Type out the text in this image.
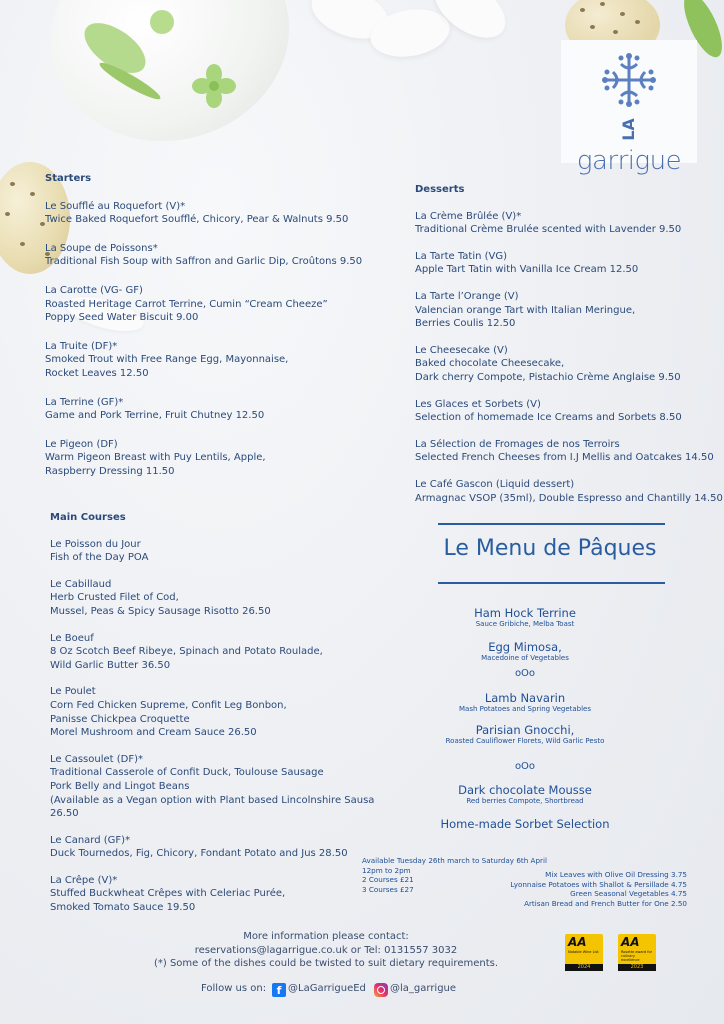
LAgarrigue
Starters
Le Soufflé au Roquefort (V)*
Twice Baked Roquefort Soufflé, Chicory, Pear & Walnuts 9.50
La Soupe de Poissons*
Traditional Fish Soup with Saffron and Garlic Dip, Croûtons 9.50
La Carotte (VG- GF)
Roasted Heritage Carrot Terrine, Cumin “Cream Cheeze”
Poppy Seed Water Biscuit 9.00
La Truite (DF)*
Smoked Trout with Free Range Egg, Mayonnaise,
Rocket Leaves 12.50
La Terrine (GF)*
Game and Pork Terrine, Fruit Chutney 12.50
Le Pigeon (DF)
Warm Pigeon Breast with Puy Lentils, Apple,
Raspberry Dressing 11.50
Desserts
La Crème Brûlée (V)*
Traditional Crème Brulée scented with Lavender 9.50
La Tarte Tatin (VG)
Apple Tart Tatin with Vanilla Ice Cream 12.50
La Tarte l’Orange (V)
Valencian orange Tart with Italian Meringue,
Berries Coulis 12.50
Le Cheesecake (V)
Baked chocolate Cheesecake,
Dark cherry Compote, Pistachio Crème Anglaise 9.50
Les Glaces et Sorbets (V)
Selection of homemade Ice Creams and Sorbets 8.50
La Sélection de Fromages de nos Terroirs
Selected French Cheeses from I.J Mellis and Oatcakes 14.50
Le Café Gascon (Liquid dessert)
Armagnac VSOP (35ml), Double Espresso and Chantilly 14.50
Main Courses
Le Poisson du Jour
Fish of the Day POA
Le Cabillaud
Herb Crusted Filet of Cod,
Mussel, Peas & Spicy Sausage Risotto 26.50
Le Boeuf
8 Oz Scotch Beef Ribeye, Spinach and Potato Roulade,
Wild Garlic Butter 36.50
Le Poulet
Corn Fed Chicken Supreme, Confit Leg Bonbon,
Panisse Chickpea Croquette
Morel Mushroom and Cream Sauce 26.50
Le Cassoulet (DF)*
Traditional Casserole of Confit Duck, Toulouse Sausage
Pork Belly and Lingot Beans
(Available as a Vegan option with Plant based Lincolnshire Sausa
26.50
Le Canard (GF)*
Duck Tournedos, Fig, Chicory, Fondant Potato and Jus 28.50
La Crêpe (V)*
Stuffed Buckwheat Crêpes with Celeriac Purée,
Smoked Tomato Sauce 19.50
Le Menu de Pâques
Ham Hock Terrine
Sauce Gribiche, Melba Toast
Egg Mimosa,
Macedoine of Vegetables
oOo
Lamb Navarin
Mash Potatoes and Spring Vegetables
Parisian Gnocchi,
Roasted Cauliflower Florets, Wild Garlic Pesto
oOo
Dark chocolate Mousse
Red berries Compote, Shortbread
Home-made Sorbet Selection
Available Tuesday 26th march to Saturday 6th April
12pm to 2pm
2 Courses £21
3 Courses £27
Mix Leaves with Olive Oil Dressing 3.75
Lyonnaise Potatoes with Shallot & Persillade 4.75
Green Seasonal Vegetables 4.75
Artisan Bread and French Butter for One 2.50
More information please contact:
reservations@lagarrigue.co.uk or Tel: 0131557 3032
(*) Some of the dishes could be twisted to suit dietary requirements.
Follow us on: f @LaGarrigueEd @la_garrigue
AA
Notable Wine List
2024
AA
Rosette award for culinary excellence
2023
